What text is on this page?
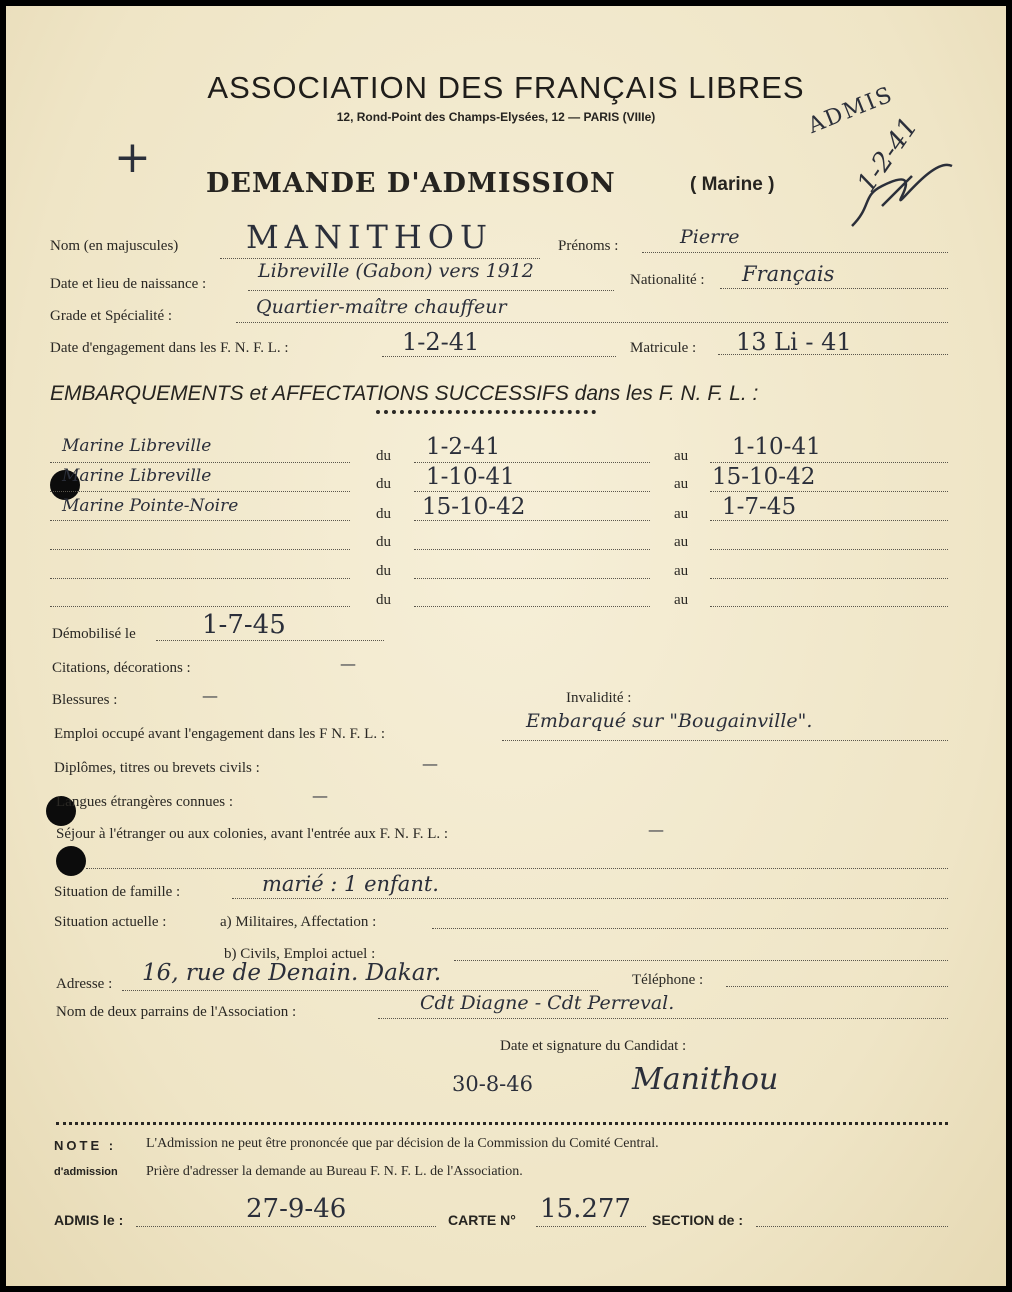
ASSOCIATION DES FRANÇAIS LIBRES
12, Rond-Point des Champs-Elysées, 12 — PARIS (VIIIe)
DEMANDE D'ADMISSION	( Marine )
+
ADMIS
1-2-41
Nom (en majuscules) MANITHOU	Prénoms :	Pierre
Date et lieu de naissance :
Libreville (Gabon) vers 1912	Nationalité : Français
Grade et Spécialité :	Quartier-maître chauffeur
Date d'engagement dans les F. N. F. L. :	1-2-41	Matricule : 13 Li - 41
EMBARQUEMENTS et AFFECTATIONS SUCCESSIFS dans les F. N. F. L. :
Marine Libreville	du 1-2-41	au 1-10-41
Marine Libreville	du 1-10-41	au 15-10-42
Marine Pointe-Noire	du 15-10-42	au 1-7-45
du	au
du	au
du	au
Démobilisé le	1-7-45
Citations, décorations :	—
Blessures :	—	Invalidité :
Emploi occupé avant l'engagement dans les F N. F. L. :
Embarqué sur "Bougainville".
Diplômes, titres ou brevets civils :	—
Langues étrangères connues :	—
Séjour à l'étranger ou aux colonies, avant l'entrée aux F. N. F. L. :	—
Situation de famille :	marié : 1 enfant.
Situation actuelle :	a) Militaires, Affectation :
b) Civils, Emploi actuel :
Adresse : 16, rue de Denain. Dakar.	Téléphone :
Nom de deux parrains de l'Association :	Cdt Diagne - Cdt Perreval.
Date et signature du Candidat :
30-8-46	Manithou
NOTE :
d'admission
L'Admission ne peut être prononcée que par décision de la Commission du Comité Central.
Prière d'adresser la demande au Bureau F. N. F. L. de l'Association.
ADMIS le :	27-9-46	CARTE N° 15.277 SECTION de :
